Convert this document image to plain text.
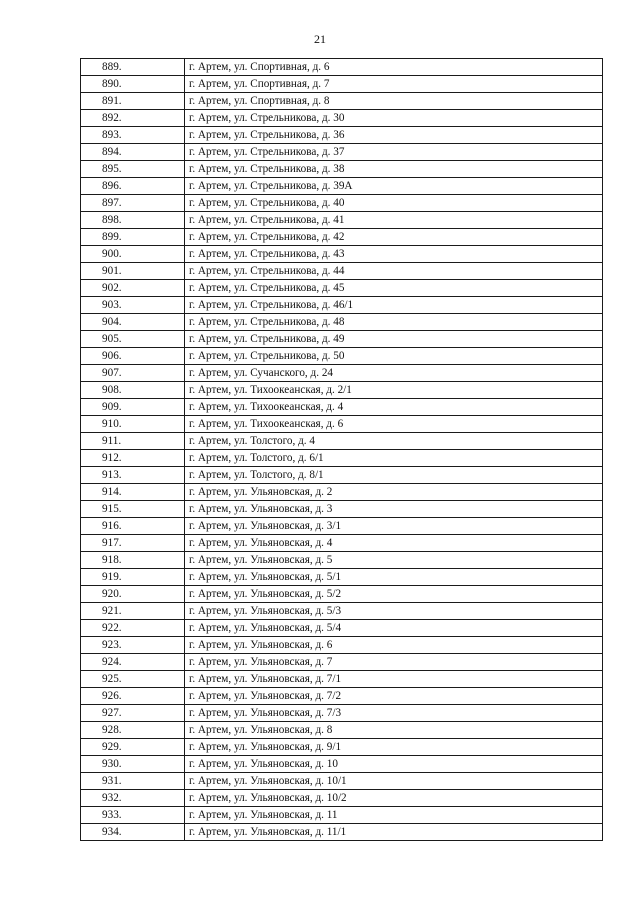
21
889.	г. Артем, ул. Спортивная, д. 6
890.	г. Артем, ул. Спортивная, д. 7
891.	г. Артем, ул. Спортивная, д. 8
892.	г. Артем, ул. Стрельникова, д. 30
893.	г. Артем, ул. Стрельникова, д. 36
894.	г. Артем, ул. Стрельникова, д. 37
895.	г. Артем, ул. Стрельникова, д. 38
896.	г. Артем, ул. Стрельникова, д. 39А
897.	г. Артем, ул. Стрельникова, д. 40
898.	г. Артем, ул. Стрельникова, д. 41
899.	г. Артем, ул. Стрельникова, д. 42
900.	г. Артем, ул. Стрельникова, д. 43
901.	г. Артем, ул. Стрельникова, д. 44
902.	г. Артем, ул. Стрельникова, д. 45
903.	г. Артем, ул. Стрельникова, д. 46/1
904.	г. Артем, ул. Стрельникова, д. 48
905.	г. Артем, ул. Стрельникова, д. 49
906.	г. Артем, ул. Стрельникова, д. 50
907.	г. Артем, ул. Сучанского, д. 24
908.	г. Артем, ул. Тихоокеанская, д. 2/1
909.	г. Артем, ул. Тихоокеанская, д. 4
910.	г. Артем, ул. Тихоокеанская, д. 6
911.	г. Артем, ул. Толстого, д. 4
912.	г. Артем, ул. Толстого, д. 6/1
913.	г. Артем, ул. Толстого, д. 8/1
914.	г. Артем, ул. Ульяновская, д. 2
915.	г. Артем, ул. Ульяновская, д. 3
916.	г. Артем, ул. Ульяновская, д. 3/1
917.	г. Артем, ул. Ульяновская, д. 4
918.	г. Артем, ул. Ульяновская, д. 5
919.	г. Артем, ул. Ульяновская, д. 5/1
920.	г. Артем, ул. Ульяновская, д. 5/2
921.	г. Артем, ул. Ульяновская, д. 5/3
922.	г. Артем, ул. Ульяновская, д. 5/4
923.	г. Артем, ул. Ульяновская, д. 6
924.	г. Артем, ул. Ульяновская, д. 7
925.	г. Артем, ул. Ульяновская, д. 7/1
926.	г. Артем, ул. Ульяновская, д. 7/2
927.	г. Артем, ул. Ульяновская, д. 7/3
928.	г. Артем, ул. Ульяновская, д. 8
929.	г. Артем, ул. Ульяновская, д. 9/1
930.	г. Артем, ул. Ульяновская, д. 10
931.	г. Артем, ул. Ульяновская, д. 10/1
932.	г. Артем, ул. Ульяновская, д. 10/2
933.	г. Артем, ул. Ульяновская, д. 11
934.	г. Артем, ул. Ульяновская, д. 11/1
